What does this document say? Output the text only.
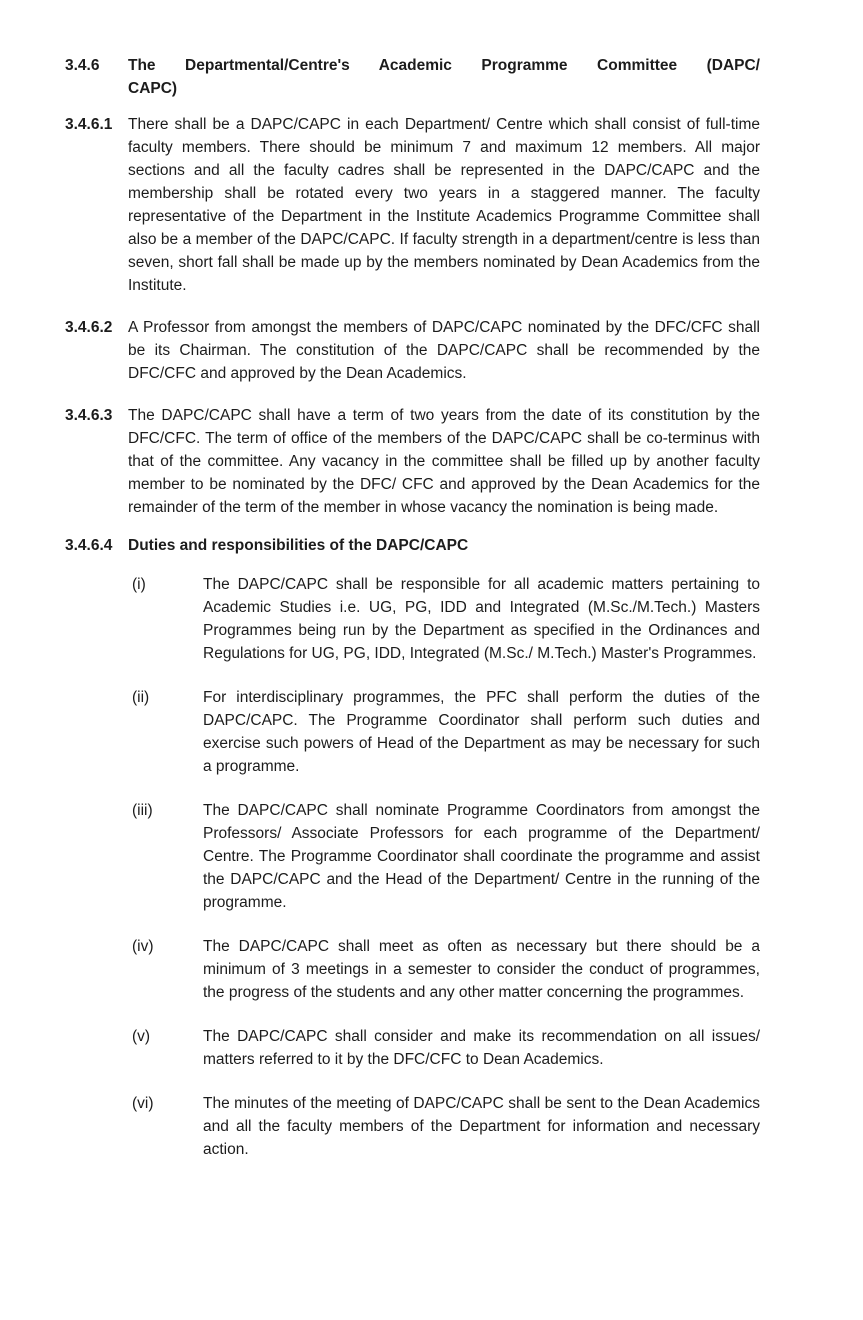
3.4.6	The Departmental/Centre's Academic Programme Committee (DAPC/
CAPC)
3.4.6.1	There shall be a DAPC/CAPC in each Department/ Centre which shall consist of full-time faculty members. There should be minimum 7 and maximum 12 members. All major sections and all the faculty cadres shall be represented in the DAPC/CAPC and the membership shall be rotated every two years in a staggered manner. The faculty representative of the Department in the Institute Academics Programme Committee shall also be a member of the DAPC/CAPC. If faculty strength in a department/centre is less than seven, short fall shall be made up by the members nominated by Dean Academics from the Institute.
3.4.6.2	A Professor from amongst the members of DAPC/CAPC nominated by the DFC/CFC shall be its Chairman. The constitution of the DAPC/CAPC shall be recommended by the DFC/CFC and approved by the Dean Academics.
3.4.6.3	The DAPC/CAPC shall have a term of two years from the date of its constitution by the DFC/CFC. The term of office of the members of the DAPC/CAPC shall be co-terminus with that of the committee. Any vacancy in the committee shall be filled up by another faculty member to be nominated by the DFC/ CFC and approved by the Dean Academics for the remainder of the term of the member in whose vacancy the nomination is being made.
3.4.6.4	Duties and responsibilities of the DAPC/CAPC
(i)	The DAPC/CAPC shall be responsible for all academic matters pertaining to Academic Studies i.e. UG, PG, IDD and Integrated (M.Sc./M.Tech.) Masters Programmes being run by the Department as specified in the Ordinances and Regulations for UG, PG, IDD, Integrated (M.Sc./ M.Tech.) Master's Programmes.
(ii)	For interdisciplinary programmes, the PFC shall perform the duties of the DAPC/CAPC. The Programme Coordinator shall perform such duties and exercise such powers of Head of the Department as may be necessary for such a programme.
(iii)	The DAPC/CAPC shall nominate Programme Coordinators from amongst the Professors/ Associate Professors for each programme of the Department/ Centre. The Programme Coordinator shall coordinate the programme and assist the DAPC/CAPC and the Head of the Department/ Centre in the running of the programme.
(iv)	The DAPC/CAPC shall meet as often as necessary but there should be a minimum of 3 meetings in a semester to consider the conduct of programmes, the progress of the students and any other matter concerning the programmes.
(v)	The DAPC/CAPC shall consider and make its recommendation on all issues/ matters referred to it by the DFC/CFC to Dean Academics.
(vi)	The minutes of the meeting of DAPC/CAPC shall be sent to the Dean Academics and all the faculty members of the Department for information and necessary action.
